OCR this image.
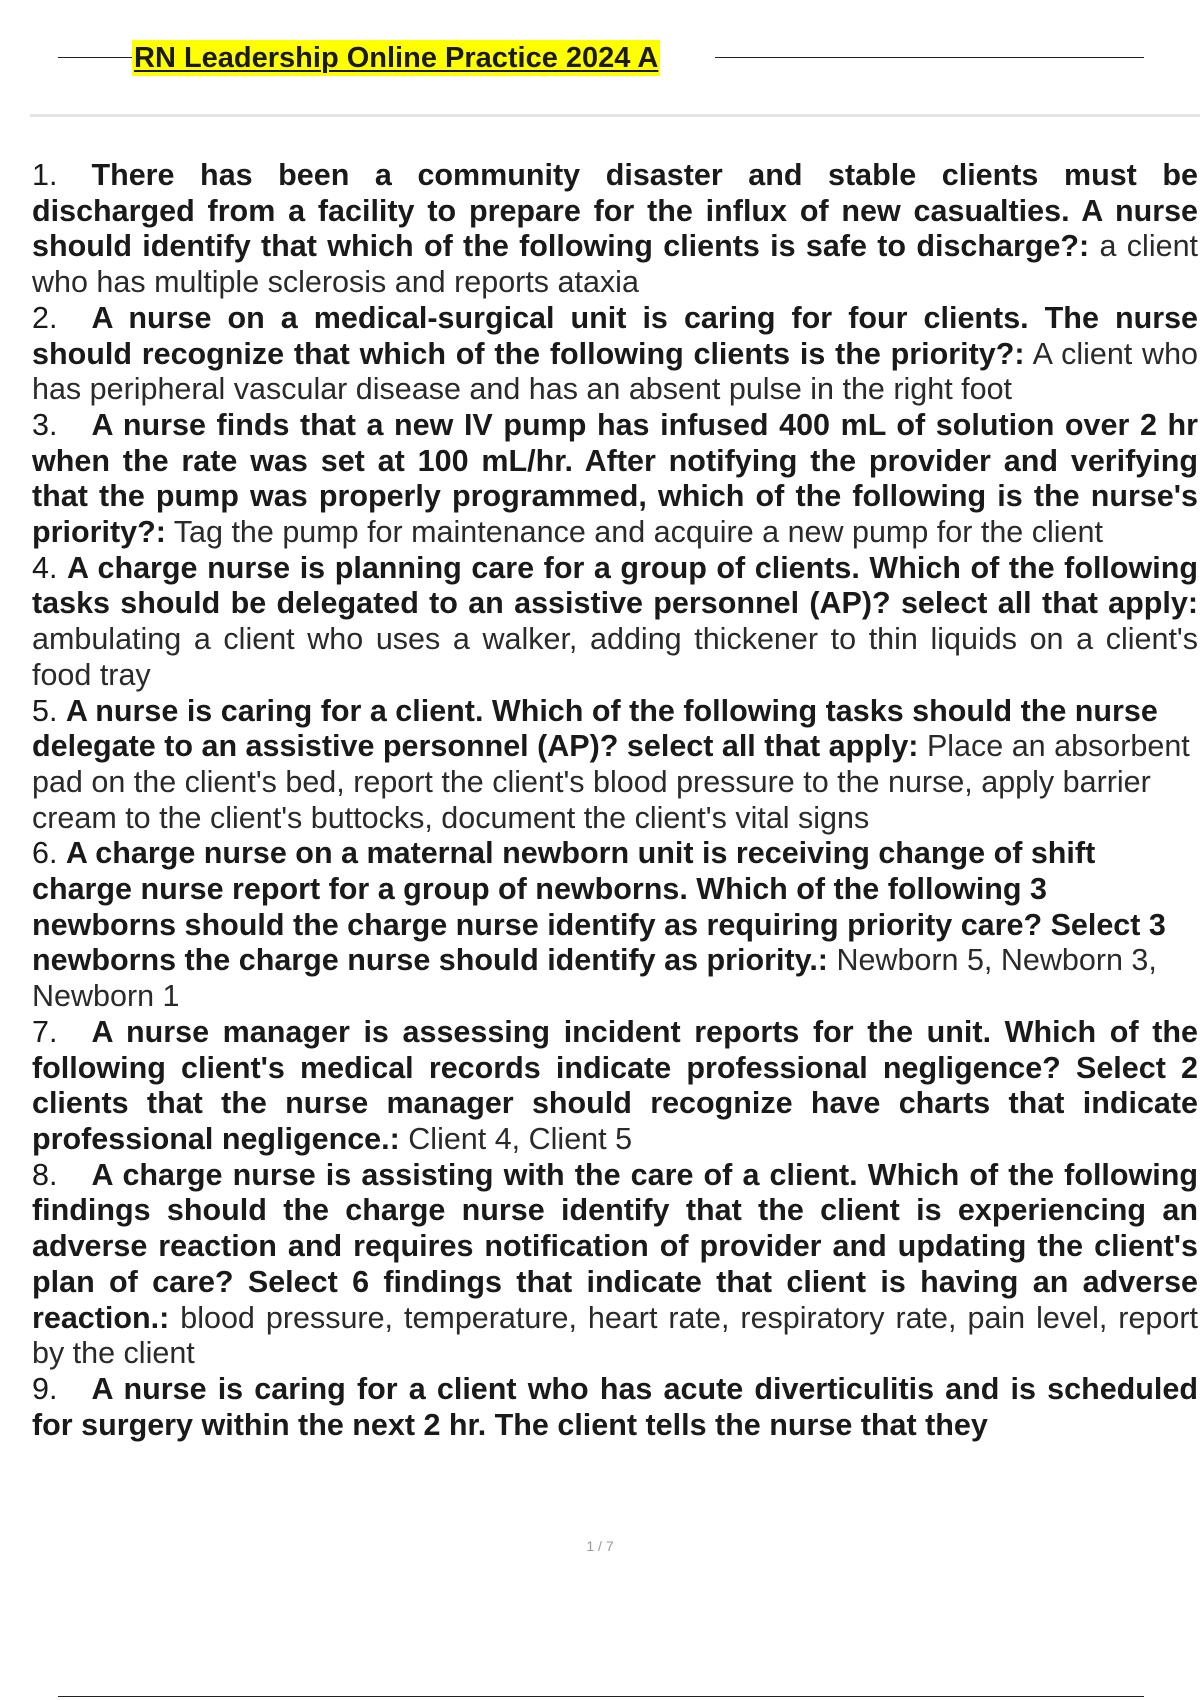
RN Leadership Online Practice 2024 A

1. There has been a community disaster and stable clients must be discharged from a facility to prepare for the influx of new casualties. A nurse should identify that which of the following clients is safe to discharge?: a client who has multiple sclerosis and reports ataxia

2. A nurse on a medical-surgical unit is caring for four clients. The nurse should recognize that which of the following clients is the priority?: A client who has peripheral vascular disease and has an absent pulse in the right foot

3. A nurse finds that a new IV pump has infused 400 mL of solution over 2 hr when the rate was set at 100 mL/hr. After notifying the provider and verifying that the pump was properly programmed, which of the following is the nurse's priority?: Tag the pump for maintenance and acquire a new pump for the client

4. A charge nurse is planning care for a group of clients. Which of the following tasks should be delegated to an assistive personnel (AP)? select all that apply: ambulating a client who uses a walker, adding thickener to thin liquids on a client's food tray

5. A nurse is caring for a client. Which of the following tasks should the nurse delegate to an assistive personnel (AP)? select all that apply: Place an absorbent pad on the client's bed, report the client's blood pressure to the nurse, apply barrier cream to the client's buttocks, document the client's vital signs

6. A charge nurse on a maternal newborn unit is receiving change of shift charge nurse report for a group of newborns. Which of the following 3 newborns should the charge nurse identify as requiring priority care? Select 3 newborns the charge nurse should identify as priority.: Newborn 5, Newborn 3, Newborn 1

7. A nurse manager is assessing incident reports for the unit. Which of the following client's medical records indicate professional negligence? Select 2 clients that the nurse manager should recognize have charts that indicate professional negligence.: Client 4, Client 5

8. A charge nurse is assisting with the care of a client. Which of the following findings should the charge nurse identify that the client is experiencing an adverse reaction and requires notification of provider and updating the client's plan of care? Select 6 findings that indicate that client is having an adverse reaction.: blood pressure, temperature, heart rate, respiratory rate, pain level, report by the client

9. A nurse is caring for a client who has acute diverticulitis and is scheduled for surgery within the next 2 hr. The client tells the nurse that they

1 / 7
